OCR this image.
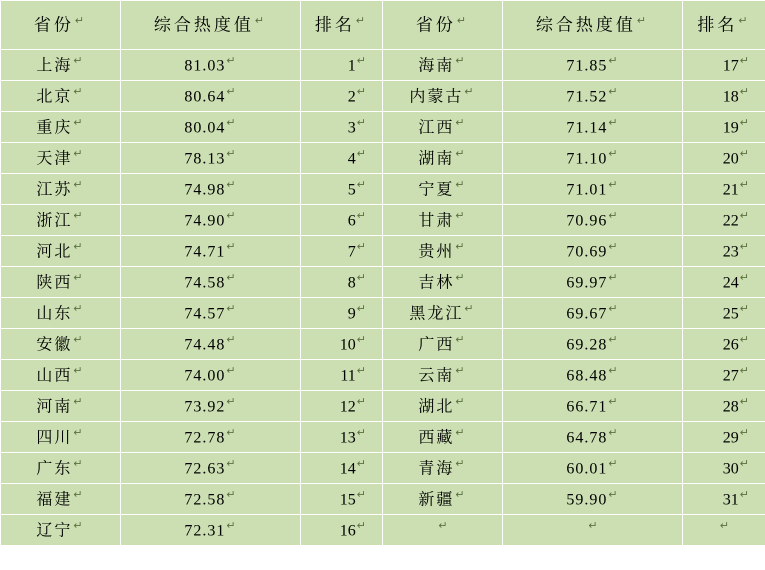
省份↵	综合热度值↵	排名↵	省份↵	综合热度值↵	排名↵

上海↵	81.03↵	1↵	海南↵	71.85↵	17↵

北京↵	80.64↵	2↵	内蒙古↵	71.52↵	18↵

重庆↵	80.04↵	3↵	江西↵	71.14↵	19↵

天津↵	78.13↵	4↵	湖南↵	71.10↵	20↵

江苏↵	74.98↵	5↵	宁夏↵	71.01↵	21↵

浙江↵	74.90↵	6↵	甘肃↵	70.96↵	22↵

河北↵	74.71↵	7↵	贵州↵	70.69↵	23↵

陕西↵	74.58↵	8↵	吉林↵	69.97↵	24↵

山东↵	74.57↵	9↵	黑龙江↵	69.67↵	25↵

安徽↵	74.48↵	10↵	广西↵	69.28↵	26↵

山西↵	74.00↵	11↵	云南↵	68.48↵	27↵

河南↵	73.92↵	12↵	湖北↵	66.71↵	28↵

四川↵	72.78↵	13↵	西藏↵	64.78↵	29↵

广东↵	72.63↵	14↵	青海↵	60.01↵	30↵

福建↵	72.58↵	15↵	新疆↵	59.90↵	31↵

辽宁↵	72.31↵	16↵	↵	↵	↵
